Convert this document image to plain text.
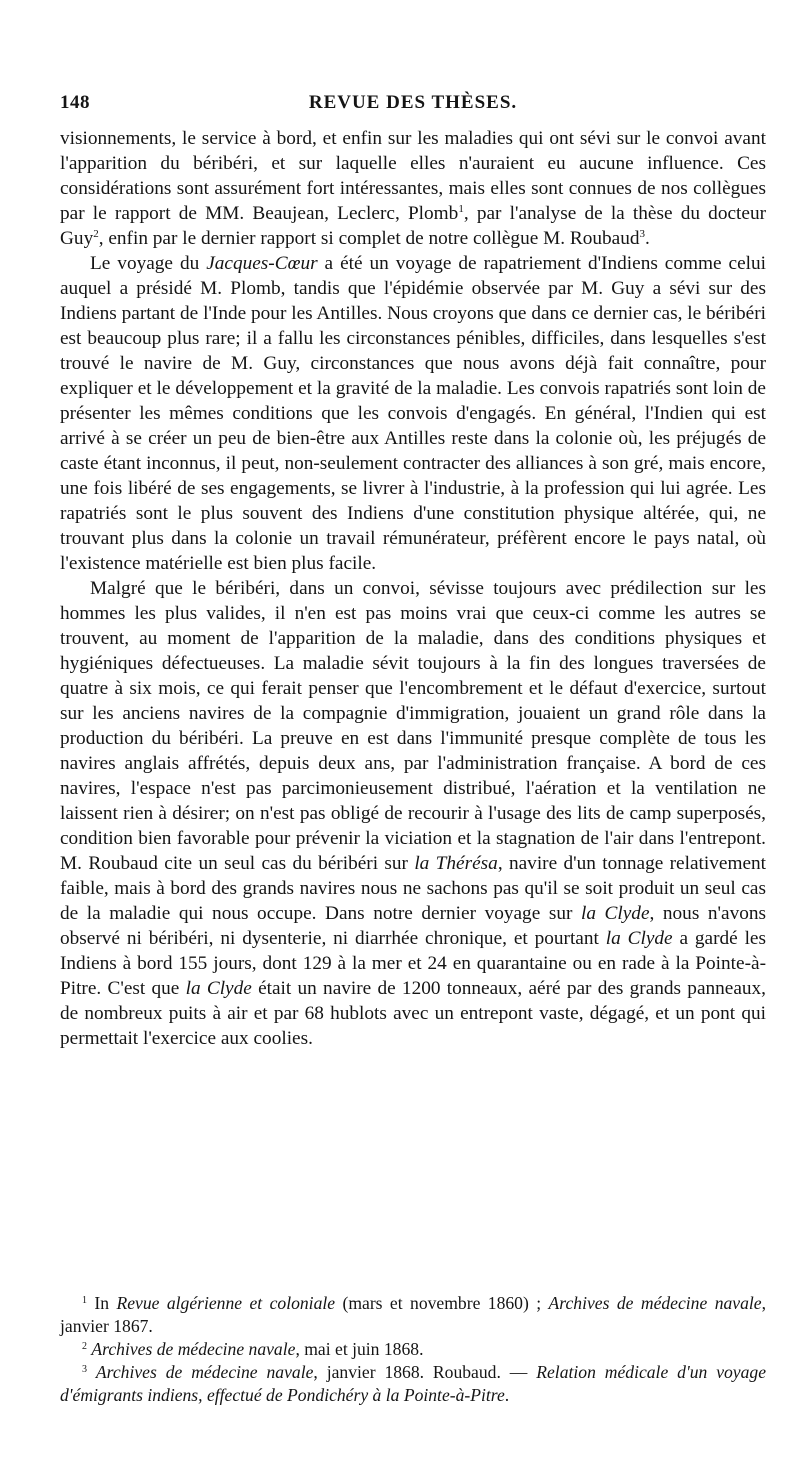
148	REVUE DES THÈSES.

visionnements, le service à bord, et enfin sur les maladies qui ont sévi sur le convoi avant l'apparition du béribéri, et sur laquelle elles n'auraient eu aucune influence. Ces considérations sont assurément fort intéressantes, mais elles sont connues de nos collègues par le rapport de MM. Beaujean, Leclerc, Plomb$^1$, par l'analyse de la thèse du docteur Guy$^2$, enfin par le dernier rapport si complet de notre collègue M. Roubaud$^3$.

Le voyage du Jacques-Cœur a été un voyage de rapatriement d'Indiens comme celui auquel a présidé M. Plomb, tandis que l'épidémie observée par M. Guy a sévi sur des Indiens partant de l'Inde pour les Antilles. Nous croyons que dans ce dernier cas, le béribéri est beaucoup plus rare; il a fallu les circonstances pénibles, difficiles, dans lesquelles s'est trouvé le navire de M. Guy, circonstances que nous avons déjà fait connaître, pour expliquer et le développement et la gravité de la maladie. Les convois rapatriés sont loin de présenter les mêmes conditions que les convois d'engagés. En général, l'Indien qui est arrivé à se créer un peu de bien-être aux Antilles reste dans la colonie où, les préjugés de caste étant inconnus, il peut, non-seulement contracter des alliances à son gré, mais encore, une fois libéré de ses engagements, se livrer à l'industrie, à la profession qui lui agrée. Les rapatriés sont le plus souvent des Indiens d'une constitution physique altérée, qui, ne trouvant plus dans la colonie un travail rémunérateur, préfèrent encore le pays natal, où l'existence matérielle est bien plus facile.

Malgré que le béribéri, dans un convoi, sévisse toujours avec prédilection sur les hommes les plus valides, il n'en est pas moins vrai que ceux-ci comme les autres se trouvent, au moment de l'apparition de la maladie, dans des conditions physiques et hygiéniques défectueuses. La maladie sévit toujours à la fin des longues traversées de quatre à six mois, ce qui ferait penser que l'encombrement et le défaut d'exercice, surtout sur les anciens navires de la compagnie d'immigration, jouaient un grand rôle dans la production du béribéri. La preuve en est dans l'immunité presque complète de tous les navires anglais affrétés, depuis deux ans, par l'administration française. A bord de ces navires, l'espace n'est pas parcimonieusement distribué, l'aération et la ventilation ne laissent rien à désirer; on n'est pas obligé de recourir à l'usage des lits de camp superposés, condition bien favorable pour prévenir la viciation et la stagnation de l'air dans l'entrepont. M. Roubaud cite un seul cas du béribéri sur la Thérésa, navire d'un tonnage relativement faible, mais à bord des grands navires nous ne sachons pas qu'il se soit produit un seul cas de la maladie qui nous occupe. Dans notre dernier voyage sur la Clyde, nous n'avons observé ni béribéri, ni dysenterie, ni diarrhée chronique, et pourtant la Clyde a gardé les Indiens à bord 155 jours, dont 129 à la mer et 24 en quarantaine ou en rade à la Pointe-à-Pitre. C'est que la Clyde était un navire de 1200 tonneaux, aéré par des grands panneaux, de nombreux puits à air et par 68 hublots avec un entrepont vaste, dégagé, et un pont qui permettait l'exercice aux coolies.

$^1$ In Revue algérienne et coloniale (mars et novembre 1860) ; Archives de médecine navale, janvier 1867.

$^2$ Archives de médecine navale, mai et juin 1868.

$^3$ Archives de médecine navale, janvier 1868. Roubaud. — Relation médicale d'un voyage d'émigrants indiens, effectué de Pondichéry à la Pointe-à-Pitre.
